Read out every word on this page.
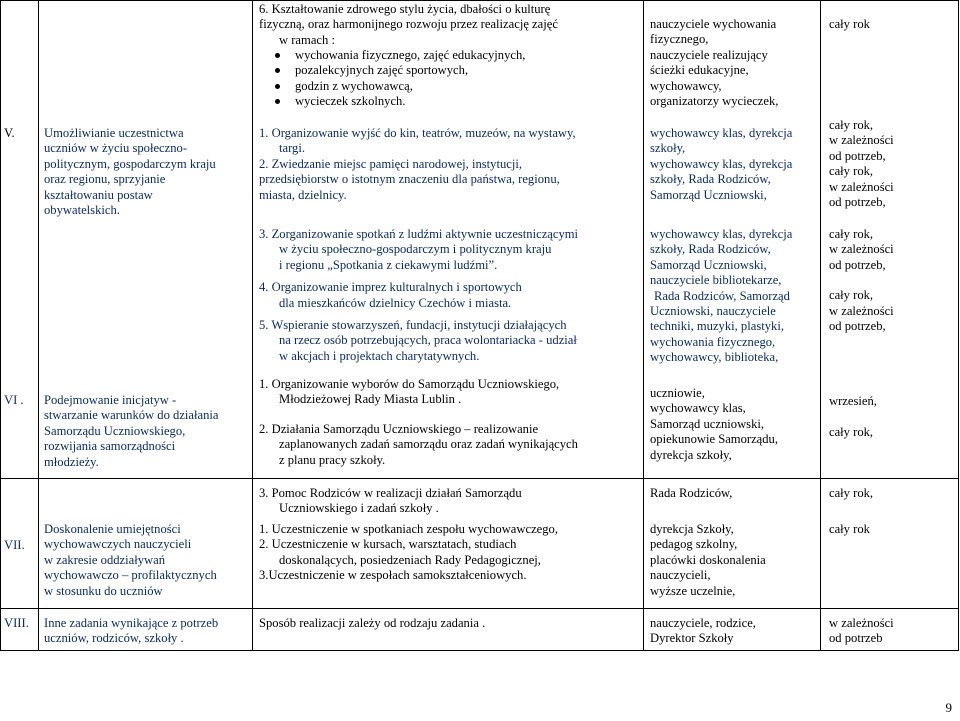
6. Kształtowanie zdrowego stylu życia, dbałości o kulturę
fizyczną, oraz harmonijnego rozwoju przez realizację zajęć
w ramach :
wychowania fizycznego, zajęć edukacyjnych,
pozalekcyjnych zajęć sportowych,
godzin z wychowawcą,
wycieczek szkolnych.
nauczyciele wychowania
fizycznego,
nauczyciele realizujący
ścieżki edukacyjne,
wychowawcy,
organizatorzy wycieczek,
cały rok
V. Umożliwianie uczestnictwa
uczniów w życiu społeczno-
politycznym, gospodarczym kraju
oraz regionu, sprzyjanie
kształtowaniu postaw
obywatelskich.
1. Organizowanie wyjść do kin, teatrów, muzeów, na wystawy,
targi.
2. Zwiedzanie miejsc pamięci narodowej, instytucji,
przedsiębiorstw o istotnym znaczeniu dla państwa, regionu,
miasta, dzielnicy.
wychowawcy klas, dyrekcja
szkoły,
wychowawcy klas, dyrekcja
szkoły, Rada Rodziców,
Samorząd Uczniowski,
cały rok,
w zależności
od potrzeb,
cały rok,
w zależności
od potrzeb,
3. Zorganizowanie spotkań z ludźmi aktywnie uczestniczącymi
w życiu społeczno-gospodarczym i politycznym kraju
i regionu „Spotkania z ciekawymi ludźmi”.
4. Organizowanie imprez kulturalnych i sportowych
dla mieszkańców dzielnicy Czechów i miasta.
5. Wspieranie stowarzyszeń, fundacji, instytucji działających
na rzecz osób potrzebujących, praca wolontariacka - udział
w akcjach i projektach charytatywnych.
wychowawcy klas, dyrekcja
szkoły, Rada Rodziców,
Samorząd Uczniowski,
nauczyciele bibliotekarze,
Rada Rodziców, Samorząd
Uczniowski, nauczyciele
techniki, muzyki, plastyki,
wychowania fizycznego,
wychowawcy, biblioteka,
cały rok,
w zależności
od potrzeb,
cały rok,
w zależności
od potrzeb,
VI . Podejmowanie inicjatyw -
stwarzanie warunków do działania
Samorządu Uczniowskiego,
rozwijania samorządności
młodzieży.
1. Organizowanie wyborów do Samorządu Uczniowskiego,
Młodzieżowej Rady Miasta Lublin .
2. Działania Samorządu Uczniowskiego – realizowanie
zaplanowanych zadań samorządu oraz zadań wynikających
z planu pracy szkoły.
uczniowie,
wychowawcy klas,
Samorząd uczniowski,
opiekunowie Samorządu,
dyrekcja szkoły,
wrzesień,
cały rok,
VII.
Doskonalenie umiejętności
wychowawczych nauczycieli
w zakresie oddziaływań
wychowawczo – profilaktycznych
w stosunku do uczniów
3. Pomoc Rodziców w realizacji działań Samorządu
Uczniowskiego i zadań szkoły .
Rada Rodziców,	cały rok,
1. Uczestniczenie w spotkaniach zespołu wychowawczego,
2. Uczestniczenie w kursach, warsztatach, studiach
doskonalących, posiedzeniach Rady Pedagogicznej,
3.Uczestniczenie w zespołach samokształceniowych.
dyrekcja Szkoły,
pedagog szkolny,
placówki doskonalenia
nauczycieli,
wyższe uczelnie,
cały rok
VIII. Inne zadania wynikające z potrzeb
uczniów, rodziców, szkoły .
Sposób realizacji zależy od rodzaju zadania .	nauczyciele, rodzice,
Dyrektor Szkoły
w zależności
od potrzeb
9
